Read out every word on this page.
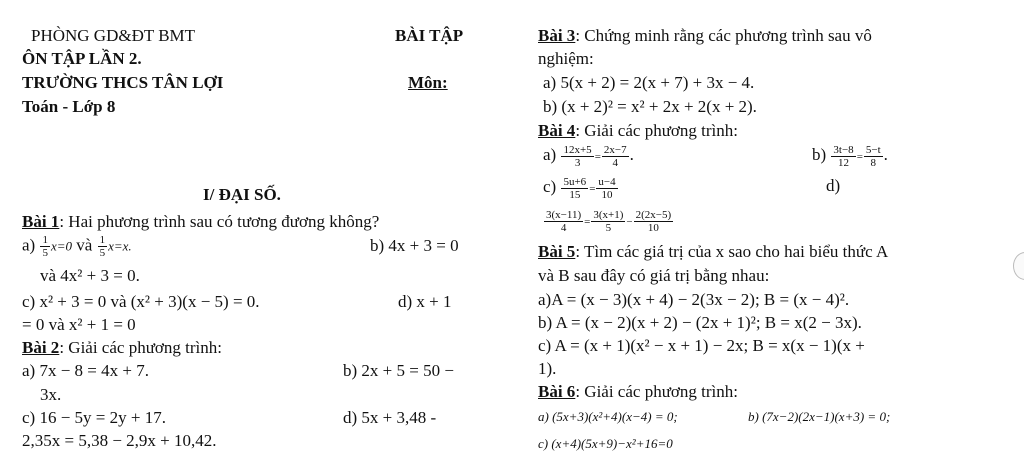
PHÒNG GD&ĐT BMT	BÀI TẬP
ÔN TẬP LẦN 2.
TRƯỜNG THCS TÂN LỢI	Môn:
Toán - Lớp 8
I/ ĐẠI SỐ.
Bài 1: Hai phương trình sau có tương đương không?
$a) \frac{1}{5} x=0$ và $\frac{1}{5} x=x$.	b) 4x + 3 = 0
và 4x² + 3 = 0.
c) x² + 3 = 0 và (x² + 3)(x − 5) = 0.	d) x + 1
= 0 và x² + 1 = 0
Bài 2: Giải các phương trình:
a) 7x − 8 = 4x + 7.	b) 2x + 5 = 50 −
3x.
c) 16 − 5y = 2y + 17.	d) 5x + 3,48 -
2,35x = 5,38 − 2,9x + 10,42.
Bài 3: Chứng minh rằng các phương trình sau vô
nghiệm:
a) 5(x + 2) = 2(x + 7) + 3x − 4.
b) (x + 2)² = x² + 2x + 2(x + 2).
Bài 4: Giải các phương trình:
$a) \frac{12x+5}{3} = \frac{2x-7}{4}$ .	$b) \frac{3t-8}{12} = \frac{5-t}{8}$ .
$c) \frac{5u+6}{15} = \frac{u-4}{10}$	d)
$\frac{3(x-11)}{4} = \frac{3(x+1)}{5} - \frac{2(2x-5)}{10}$
Bài 5: Tìm các giá trị của x sao cho hai biểu thức A
và B sau đây có giá trị bằng nhau:
a)A = (x − 3)(x + 4) − 2(3x − 2); B = (x − 4)².
b) A = (x − 2)(x + 2) − (2x + 1)²; B = x(2 − 3x).
c) A = (x + 1)(x² − x + 1) − 2x; B = x(x − 1)(x +
1).
Bài 6: Giải các phương trình:
a) (5x+3)(x²+4)(x−4) = 0;	b) (7x−2)(2x−1)(x+3) = 0;
c) (x+4)(5x+9)−x²+16=0
